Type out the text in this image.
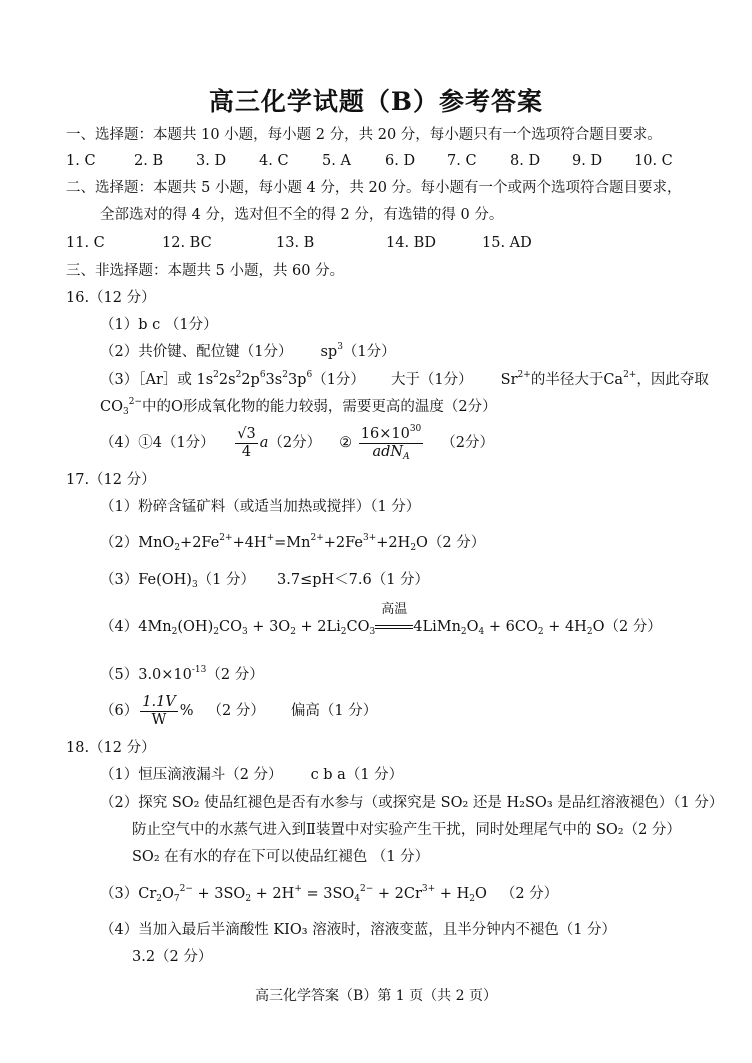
高三化学试题（B）参考答案
一、选择题：本题共 10 小题，每小题 2 分，共 20 分，每小题只有一个选项符合题目要求。
1. C	2. B 3. D 4. C 5. A 6. D 7. C 8. D 9. D 10. C
二、选择题：本题共 5 小题，每小题 4 分，共 20 分。每小题有一个或两个选项符合题目要求，
全部选对的得 4 分，选对但不全的得 2 分，有选错的得 0 分。
11. C	12. BC	13. B	14. BD	15. AD
三、非选择题：本题共 5 小题，共 60 分。
16.（12 分）
（1）b c （1分）
（2）共价键、配位键（1分） $sp^3(1$分）
（3）［Ar］或 $1s^22s^22p^63s^23p^6(1$分） 大于（1分） $Sr^{2+}$的半径大于$Ca^{2+}$，因此夺取
$CO_3^{2-}$中的O形成氧化物的能力较弱，需要更高的温度（2分）
（4）①4（1分） $\frac{√3}{4} a(2$分） ② $\frac{16\times 10^{30}}{adN_A} (2$分）
17.（12 分）
（1）粉碎含锰矿料（或适当加热或搅拌）（1 分）
$(2)MnO_2+2Fe^{2+}+4H^+=Mn^{2+}+2Fe^{3+}+2H_2O(2$ 分）
$(3)Fe(OH)_3(1$ 分） 3.7≤pH＜7.6（1 分）
$(4)4Mn_2(OH)_2CO_3 + 3O_2 + 2Li_2CO_3$
高温
$4LiMn_2O_4 + 6CO_2 + 4H_2O(2$ 分）
$(5)3.0\times 10^{-13}(2$ 分）
$(6) \frac{1.1V}{W}$ % （2 分） 偏高（1 分）
18.（12 分）
（1）恒压滴液漏斗（2 分） c b a（1 分）
（2）探究 SO₂ 使品红褪色是否有水参与（或探究是 SO₂ 还是 H₂SO₃ 是品红溶液褪色）（1 分）
防止空气中的水蒸气进入到Ⅱ装置中对实验产生干扰，同时处理尾气中的 SO₂（2 分）
SO₂ 在有水的存在下可以使品红褪色 （1 分）
$(3)Cr_2O_7^{2-} + 3SO_2 + 2H^+ = 3SO_4^{2-} + 2Cr^{3+} + H_2O$ （2 分）
（4）当加入最后半滴酸性 KIO₃ 溶液时，溶液变蓝，且半分钟内不褪色（1 分）
3.2（2 分）
高三化学答案（B）第 1 页（共 2 页）
